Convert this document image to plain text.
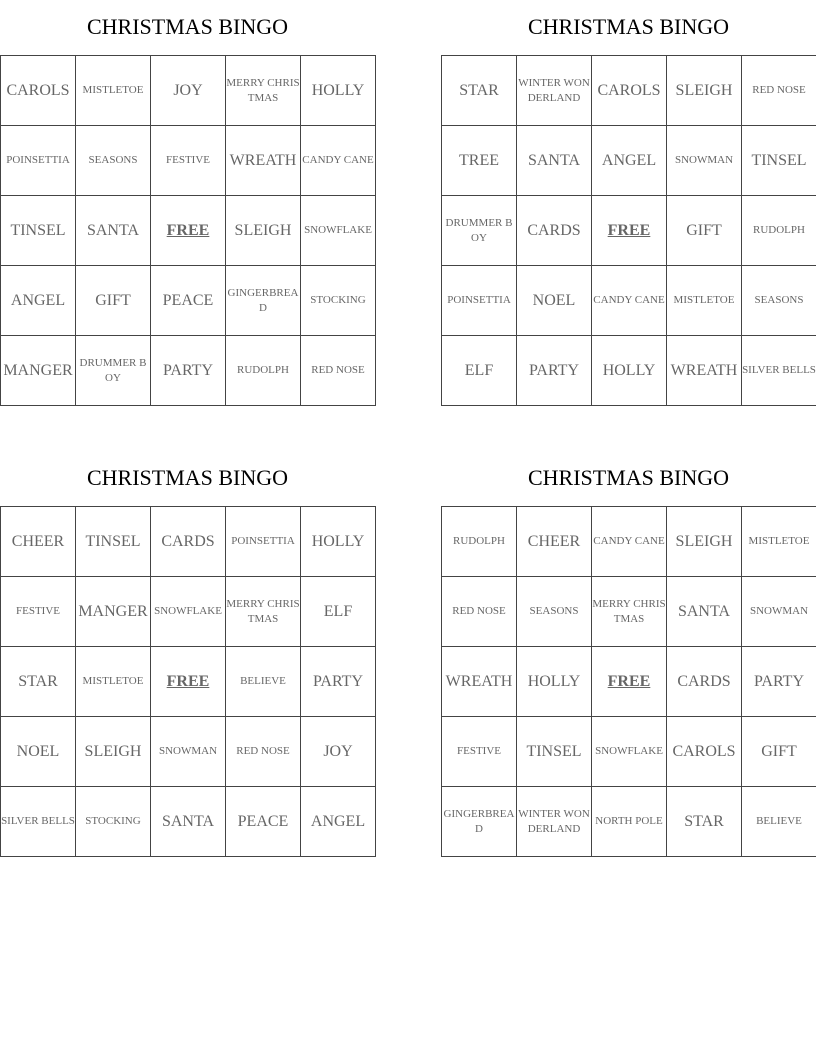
CHRISTMAS BINGO
CAROLS	MISTLETOE	JOY	MERRY CHRISTMAS	HOLLY
POINSETTIA	SEASONS	FESTIVE	WREATH	CANDY CANE
TINSEL	SANTA	FREE	SLEIGH	SNOWFLAKE
ANGEL	GIFT	PEACE	GINGERBREAD	STOCKING
MANGER	DRUMMER BOY	PARTY	RUDOLPH	RED NOSE
CHRISTMAS BINGO
STAR	WINTER WONDERLAND	CAROLS	SLEIGH	RED NOSE
TREE	SANTA	ANGEL	SNOWMAN	TINSEL
DRUMMER BOY	CARDS	FREE	GIFT	RUDOLPH
POINSETTIA	NOEL	CANDY CANE	MISTLETOE	SEASONS
ELF	PARTY	HOLLY	WREATH	SILVER BELLS
CHRISTMAS BINGO
CHEER	TINSEL	CARDS	POINSETTIA	HOLLY
FESTIVE	MANGER	SNOWFLAKE	MERRY CHRISTMAS	ELF
STAR	MISTLETOE	FREE	BELIEVE	PARTY
NOEL	SLEIGH	SNOWMAN	RED NOSE	JOY
SILVER BELLS	STOCKING	SANTA	PEACE	ANGEL
CHRISTMAS BINGO
RUDOLPH	CHEER	CANDY CANE	SLEIGH	MISTLETOE
RED NOSE	SEASONS	MERRY CHRISTMAS	SANTA	SNOWMAN
WREATH	HOLLY	FREE	CARDS	PARTY
FESTIVE	TINSEL	SNOWFLAKE	CAROLS	GIFT
GINGERBREAD	WINTER WONDERLAND	NORTH POLE	STAR	BELIEVE
